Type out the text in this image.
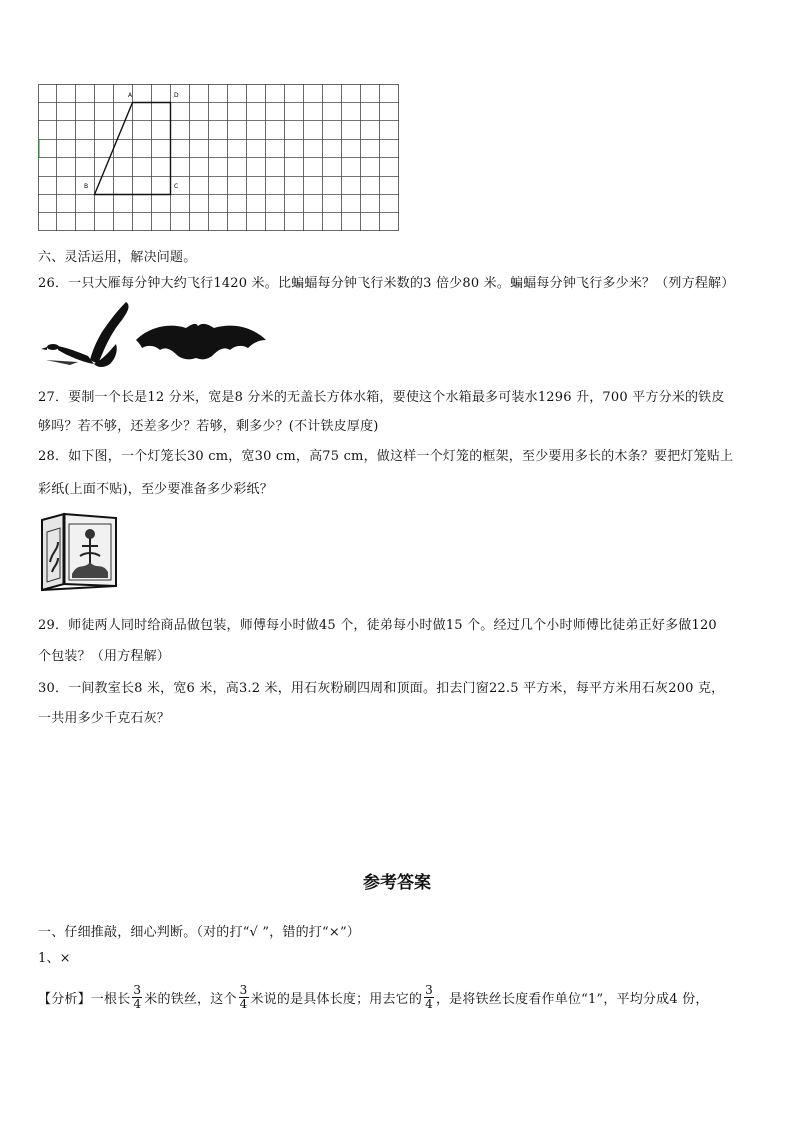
A	D
B	C
六、灵活运用，解决问题。
26．一只大雁每分钟大约飞行1420 米。比蝙蝠每分钟飞行米数的3 倍少80 米。蝙蝠每分钟飞行多少米？（列方程解）
27．要制一个长是12 分米，宽是8 分米的无盖长方体水箱，要使这个水箱最多可装水1296 升，700 平方分米的铁皮
够吗？若不够，还差多少？若够，剩多少？(不计铁皮厚度)
28．如下图，一个灯笼长30 cm，宽30 cm，高75 cm，做这样一个灯笼的框架，至少要用多长的木条？要把灯笼贴上
彩纸(上面不贴)，至少要准备多少彩纸？
29．师徒两人同时给商品做包装，师傅每小时做45 个，徒弟每小时做15 个。经过几个小时师傅比徒弟正好多做120
个包装？（用方程解）
30．一间教室长8 米，宽6 米，高3.2 米，用石灰粉刷四周和顶面。扣去门窗22.5 平方米，每平方米用石灰200 克，
一共用多少千克石灰？
参考答案
一、仔细推敲，细心判断。（对的打“√ ”，错的打“×”）
1、×
【分析】一根长 $\frac{3}{4}$ 米的铁丝，这个 $\frac{3}{4}$ 米说的是具体长度；用去它的 $\frac{3}{4}$ ，是将铁丝长度看作单位“1”，平均分成4 份，
